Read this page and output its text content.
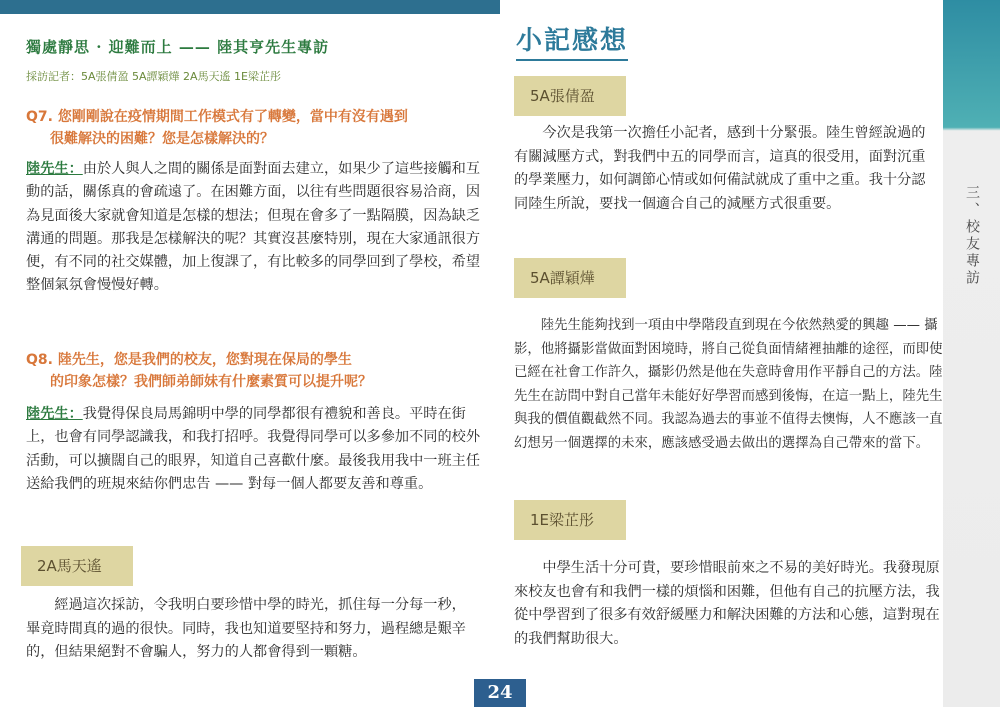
三、校友專訪
獨處靜思 · 迎難而上 —— 陸其亨先生專訪
採訪記者：5A張倩盈 5A譚穎燁 2A馬天遙 1E梁芷彤
Q7. 您剛剛說在疫情期間工作模式有了轉變，當中有沒有遇到
很難解決的困難？您是怎樣解決的？
陸先生：由於人與人之間的關係是面對面去建立，如果少了這些接觸和互動的話，關係真的會疏遠了。在困難方面，以往有些問題很容易洽商，因為見面後大家就會知道是怎樣的想法；但現在會多了一點隔膜，因為缺乏溝通的問題。那我是怎樣解決的呢？其實沒甚麼特別，現在大家通訊很方便，有不同的社交媒體，加上復課了，有比較多的同學回到了學校，希望整個氣氛會慢慢好轉。
Q8. 陸先生，您是我們的校友，您對現在保局的學生
的印象怎樣？我們師弟師妹有什麼素質可以提升呢？
陸先生：我覺得保良局馬錦明中學的同學都很有禮貌和善良。平時在街上，也會有同學認識我，和我打招呼。我覺得同學可以多參加不同的校外活動，可以擴闊自己的眼界，知道自己喜歡什麼。最後我用我中一班主任送給我們的班規來結你們忠告 —— 對每一個人都要友善和尊重。
2A馬天遙
經過這次採訪，令我明白要珍惜中學的時光，抓住每一分每一秒，畢竟時間真的過的很快。同時，我也知道要堅持和努力，過程總是艱辛的，但結果絕對不會騙人，努力的人都會得到一顆糖。
小記感想
5A張倩盈
今次是我第一次擔任小記者，感到十分緊張。陸生曾經說過的有關減壓方式，對我們中五的同學而言，這真的很受用，面對沉重的學業壓力，如何調節心情或如何備試就成了重中之重。我十分認同陸生所說，要找一個適合自己的減壓方式很重要。
5A譚穎燁
陸先生能夠找到一項由中學階段直到現在今依然熱愛的興趣 —— 攝影，他將攝影當做面對困境時，將自己從負面情緒裡抽離的途徑，而即使已經在社會工作許久，攝影仍然是他在失意時會用作平靜自己的方法。陸先生在訪問中對自己當年未能好好學習而感到後悔，在這一點上，陸先生與我的價值觀截然不同。我認為過去的事並不值得去懊悔，人不應該一直幻想另一個選擇的未來，應該感受過去做出的選擇為自己帶來的當下。
1E梁芷彤
中學生活十分可貴，要珍惜眼前來之不易的美好時光。我發現原來校友也會有和我們一樣的煩惱和困難，但他有自己的抗壓方法，我從中學習到了很多有效舒緩壓力和解決困難的方法和心態，這對現在的我們幫助很大。
24
